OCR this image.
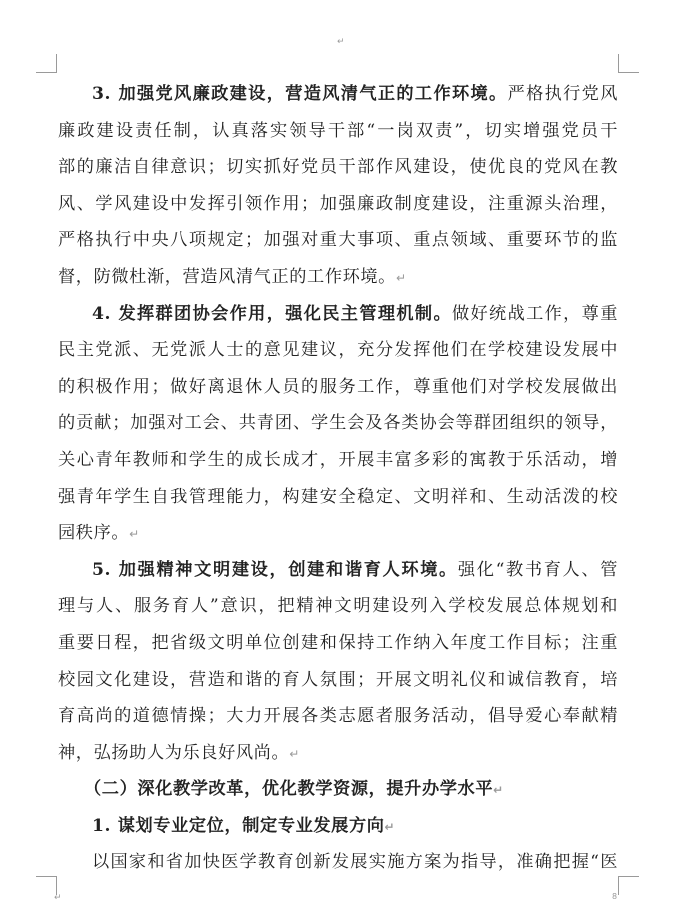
↵
↵	8
3. 加强党风廉政建设，营造风清气正的工作环境。严格执行党风
廉政建设责任制，认真落实领导干部“一岗双责”，切实增强党员干
部的廉洁自律意识；切实抓好党员干部作风建设，使优良的党风在教
风、学风建设中发挥引领作用；加强廉政制度建设，注重源头治理，
严格执行中央八项规定；加强对重大事项、重点领域、重要环节的监
督，防微杜渐，营造风清气正的工作环境。↵
4. 发挥群团协会作用，强化民主管理机制。做好统战工作，尊重
民主党派、无党派人士的意见建议，充分发挥他们在学校建设发展中
的积极作用；做好离退休人员的服务工作，尊重他们对学校发展做出
的贡献；加强对工会、共青团、学生会及各类协会等群团组织的领导，
关心青年教师和学生的成长成才，开展丰富多彩的寓教于乐活动，增
强青年学生自我管理能力，构建安全稳定、文明祥和、生动活泼的校
园秩序。↵
5. 加强精神文明建设，创建和谐育人环境。强化“教书育人、管
理与人、服务育人”意识，把精神文明建设列入学校发展总体规划和
重要日程，把省级文明单位创建和保持工作纳入年度工作目标；注重
校园文化建设，营造和谐的育人氛围；开展文明礼仪和诚信教育，培
育高尚的道德情操；大力开展各类志愿者服务活动，倡导爱心奉献精
神，弘扬助人为乐良好风尚。↵
（二）深化教学改革，优化教学资源，提升办学水平↵
1. 谋划专业定位，制定专业发展方向↵
以国家和省加快医学教育创新发展实施方案为指导，准确把握“医
